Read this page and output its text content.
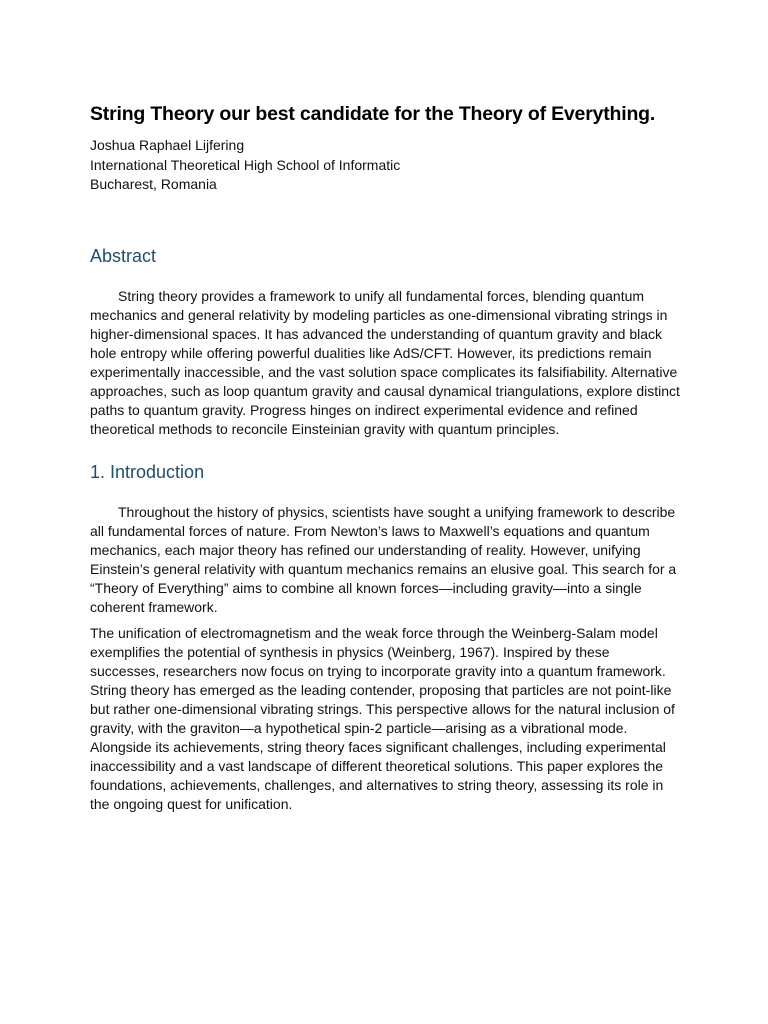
String Theory our best candidate for the Theory of Everything.
Joshua Raphael Lijfering
International Theoretical High School of Informatic
Bucharest, Romania
Abstract

String theory provides a framework to unify all fundamental forces, blending quantum mechanics and general relativity by modeling particles as one-dimensional vibrating strings in higher-dimensional spaces. It has advanced the understanding of quantum gravity and black hole entropy while offering powerful dualities like AdS/CFT. However, its predictions remain experimentally inaccessible, and the vast solution space complicates its falsifiability. Alternative approaches, such as loop quantum gravity and causal dynamical triangulations, explore distinct paths to quantum gravity. Progress hinges on indirect experimental evidence and refined theoretical methods to reconcile Einsteinian gravity with quantum principles.

1. Introduction

Throughout the history of physics, scientists have sought a unifying framework to describe all fundamental forces of nature. From Newton’s laws to Maxwell’s equations and quantum mechanics, each major theory has refined our understanding of reality. However, unifying Einstein’s general relativity with quantum mechanics remains an elusive goal. This search for a “Theory of Everything” aims to combine all known forces—including gravity—into a single coherent framework.

The unification of electromagnetism and the weak force through the Weinberg-Salam model exemplifies the potential of synthesis in physics (Weinberg, 1967). Inspired by these successes, researchers now focus on trying to incorporate gravity into a quantum framework. String theory has emerged as the leading contender, proposing that particles are not point-like but rather one-dimensional vibrating strings. This perspective allows for the natural inclusion of gravity, with the graviton—a hypothetical spin-2 particle—arising as a vibrational mode. Alongside its achievements, string theory faces significant challenges, including experimental inaccessibility and a vast landscape of different theoretical solutions. This paper explores the foundations, achievements, challenges, and alternatives to string theory, assessing its role in the ongoing quest for unification.
